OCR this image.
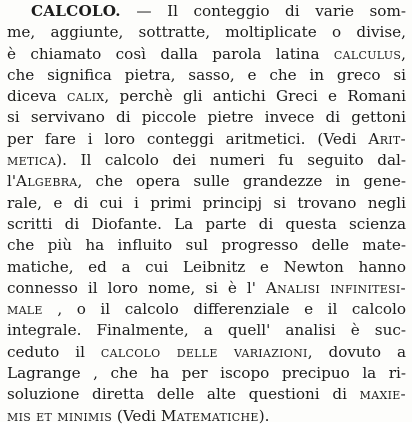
CALCOLO. — Il conteggio di varie som-
me, aggiunte, sottratte, moltiplicate o divise,
è chiamato così dalla parola latina calculus,
che significa pietra, sasso, e che in greco si
diceva calix, perchè gli antichi Greci e Romani
si servivano di piccole pietre invece di gettoni
per fare i loro conteggi aritmetici. (Vedi Arit-
metica). Il calcolo dei numeri fu seguito dal-
l'Algebra, che opera sulle grandezze in gene-
rale, e di cui i primi principj si trovano negli
scritti di Diofante. La parte di questa scienza
che più ha influito sul progresso delle mate-
matiche, ed a cui Leibnitz e Newton hanno
connesso il loro nome, si è l' Analisi infinitesi-
male , o il calcolo differenziale e il calcolo
integrale. Finalmente, a quell' analisi è suc-
ceduto il calcolo delle variazioni, dovuto a
Lagrange , che ha per iscopo precipuo la ri-
soluzione diretta delle alte questioni di maxie-
mis et minimis (Vedi Matematiche).
